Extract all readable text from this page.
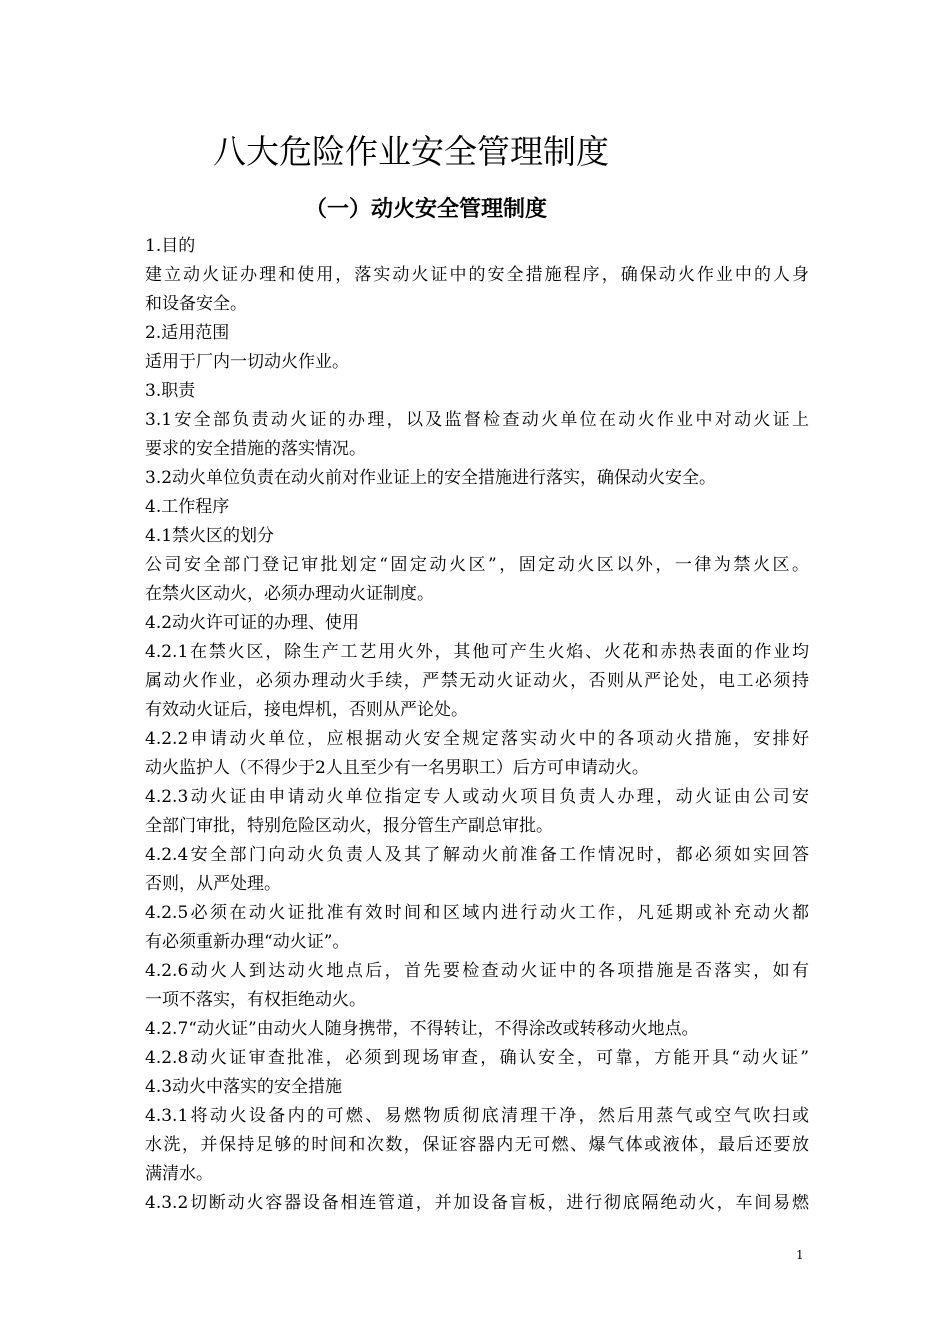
八大危险作业安全管理制度
（一）动火安全管理制度
1.目的
建立动火证办理和使用，落实动火证中的安全措施程序，确保动火作业中的人身
和设备安全。
2.适用范围
适用于厂内一切动火作业。
3.职责
3.1安全部负责动火证的办理，以及监督检查动火单位在动火作业中对动火证上
要求的安全措施的落实情况。
3.2动火单位负责在动火前对作业证上的安全措施进行落实，确保动火安全。
4.工作程序
4.1禁火区的划分
公司安全部门登记审批划定“固定动火区”，固定动火区以外，一律为禁火区。
在禁火区动火，必须办理动火证制度。
4.2动火许可证的办理、使用
4.2.1在禁火区，除生产工艺用火外，其他可产生火焰、火花和赤热表面的作业均
属动火作业，必须办理动火手续，严禁无动火证动火，否则从严论处，电工必须持
有效动火证后，接电焊机，否则从严论处。
4.2.2申请动火单位，应根据动火安全规定落实动火中的各项动火措施，安排好
动火监护人（不得少于2人且至少有一名男职工）后方可申请动火。
4.2.3动火证由申请动火单位指定专人或动火项目负责人办理，动火证由公司安
全部门审批，特别危险区动火，报分管生产副总审批。
4.2.4安全部门向动火负责人及其了解动火前准备工作情况时，都必须如实回答
否则，从严处理。
4.2.5必须在动火证批准有效时间和区域内进行动火工作，凡延期或补充动火都
有必须重新办理“动火证”。
4.2.6动火人到达动火地点后，首先要检查动火证中的各项措施是否落实，如有
一项不落实，有权拒绝动火。
4.2.7“动火证”由动火人随身携带，不得转让，不得涂改或转移动火地点。
4.2.8动火证审查批准，必须到现场审查，确认安全，可靠，方能开具“动火证”
4.3动火中落实的安全措施
4.3.1将动火设备内的可燃、易燃物质彻底清理干净，然后用蒸气或空气吹扫或
水洗，并保持足够的时间和次数，保证容器内无可燃、爆气体或液体，最后还要放
满清水。
4.3.2切断动火容器设备相连管道，并加设备盲板，进行彻底隔绝动火，车间易燃
1
